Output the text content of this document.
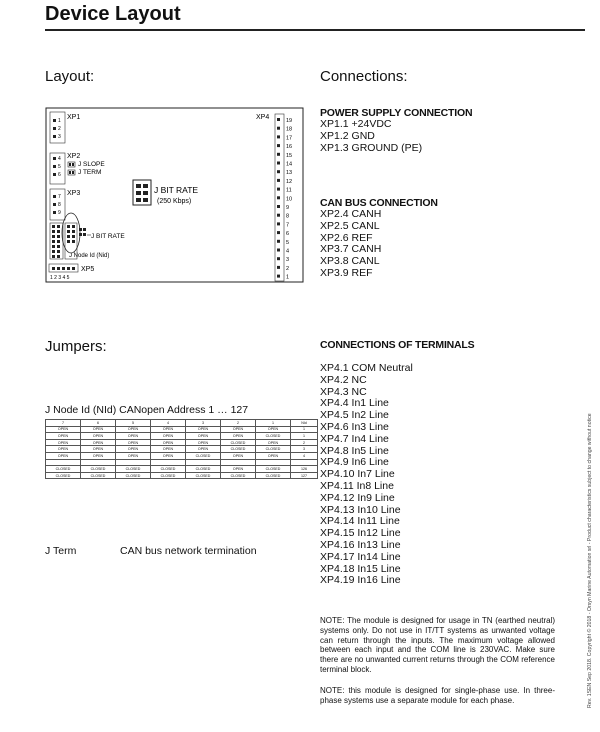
Device Layout
Layout:	Connections:
Jumpers:
XP1
1
2
3
XP2
4
5
6
J SLOPE
J TERM
XP3
7
8
9
J BIT RATE
(250 Kbps)
J Node Id (Nid)
J BIT RATE
XP5
1 2 3 4 5
XP4	19
18
17
16
15
14
13
12
11
10
9
8
7
6
5
4
3
2
1
POWER SUPPLY CONNECTION
XP1.1 +24VDC
XP1.2 GND
XP1.3 GROUND (PE)
CAN BUS CONNECTION
XP2.4 CANH
XP2.5 CANL
XP2.6 REF
XP3.7 CANH
XP3.8 CANL
XP3.9 REF
CONNECTIONS OF TERMINALS
XP4.1 COM Neutral
XP4.2 NC
XP4.3 NC
XP4.4 In1 Line
XP4.5 In2 Line
XP4.6 In3 Line
XP4.7 In4 Line
XP4.8 In5 Line
XP4.9 In6 Line
XP4.10 In7 Line
XP4.11 In8 Line
XP4.12 In9 Line
XP4.13 In10 Line
XP4.14 In11 Line
XP4.15 In12 Line
XP4.16 In13 Line
XP4.17 In14 Line
XP4.18 In15 Line
XP4.19 In16 Line
NOTE: The module is designed for usage in TN (earthed neutral) systems only. Do not use in IT/TT systems as unwanted voltage can return through the inputs. The maximum voltage allowed between each input and the COM line is 230VAC. Make sure there are no unwanted current returns through the COM reference terminal block.
NOTE: this module is designed for single-phase use. In three-phase systems use a separate module for each phase.	Rev. 1SEN Sep 2018. Copyright © 2018 - Orsyn Marine Automation srl - Product characteristics subject to change without notice
J Node Id (NId) CANopen Address 1 … 127
7	6	5	4	3	2	1	NId
OPEN	OPEN	OPEN	OPEN	OPEN	OPEN	OPEN	1
OPEN	OPEN	OPEN	OPEN	OPEN	OPEN	CLOSED	1
OPEN	OPEN	OPEN	OPEN	OPEN	CLOSED	OPEN	2
OPEN	OPEN	OPEN	OPEN	OPEN	CLOSED	CLOSED	3
OPEN	OPEN	OPEN	OPEN	CLOSED	OPEN	OPEN	4

CLOSED	CLOSED	CLOSED	CLOSED	CLOSED	OPEN	CLOSED	126
CLOSED	CLOSED	CLOSED	CLOSED	CLOSED	CLOSED	CLOSED	127
J Term	CAN bus network termination
